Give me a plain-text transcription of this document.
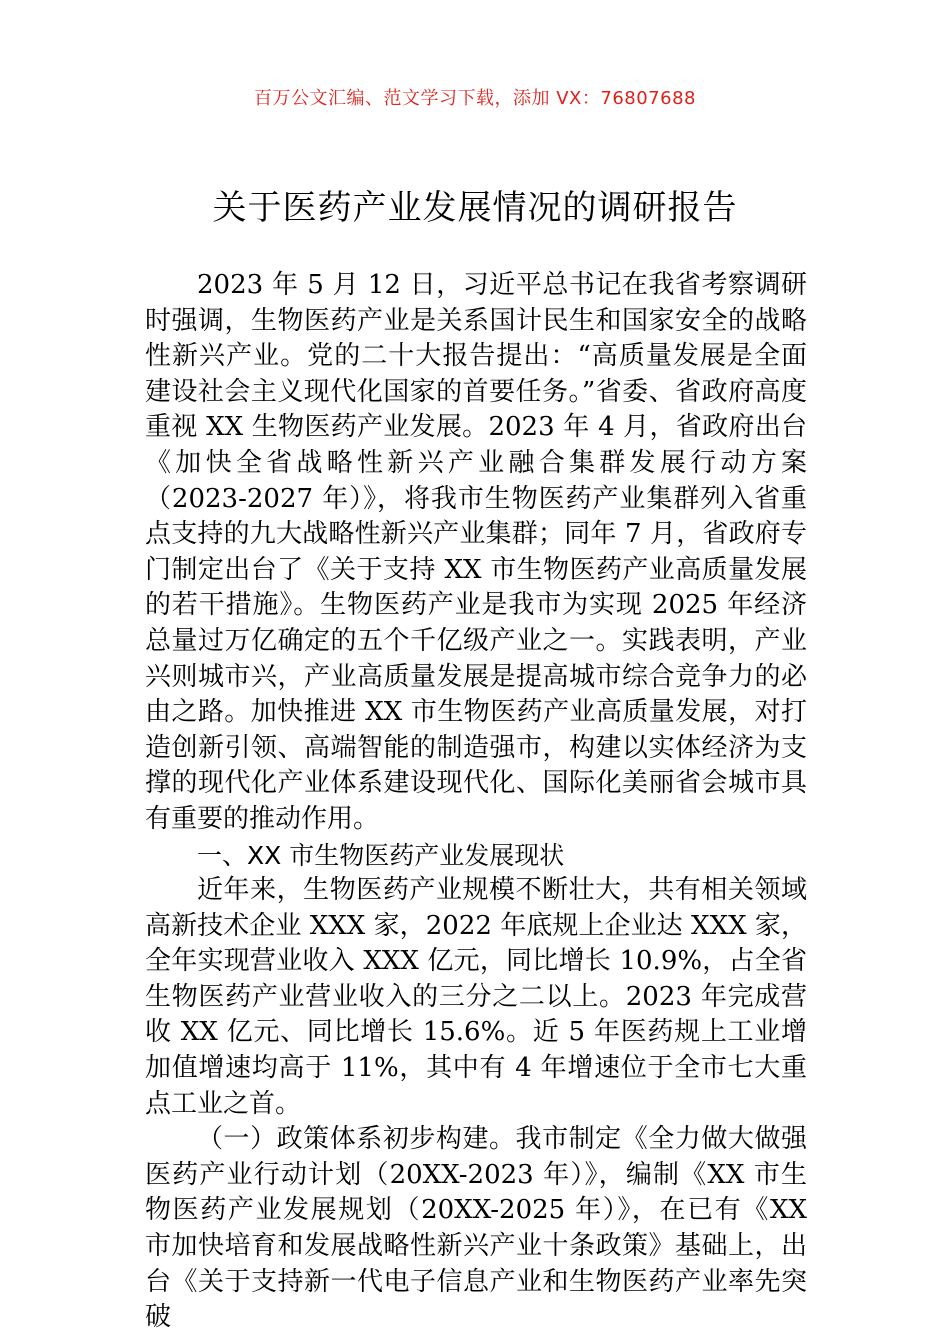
百万公文汇编、范文学习下载，添加 VX：76807688
关于医药产业发展情况的调研报告

2023 年 5 月 12 日，习近平总书记在我省考察调研时强调，生物医药产业是关系国计民生和国家安全的战略性新兴产业。党的二十大报告提出：“高质量发展是全面建设社会主义现代化国家的首要任务。”省委、省政府高度重视 XX 生物医药产业发展。2023 年 4 月，省政府出台《加快全省战略性新兴产业融合集群发展行动方案（2023-2027 年）》，将我市生物医药产业集群列入省重点支持的九大战略性新兴产业集群；同年 7 月，省政府专门制定出台了《关于支持 XX 市生物医药产业高质量发展的若干措施》。生物医药产业是我市为实现 2025 年经济总量过万亿确定的五个千亿级产业之一。实践表明，产业兴则城市兴，产业高质量发展是提高城市综合竞争力的必由之路。加快推进 XX 市生物医药产业高质量发展，对打造创新引领、高端智能的制造强市，构建以实体经济为支撑的现代化产业体系建设现代化、国际化美丽省会城市具有重要的推动作用。

一、XX 市生物医药产业发展现状

近年来，生物医药产业规模不断壮大，共有相关领域高新技术企业 XXX 家，2022 年底规上企业达 XXX 家，全年实现营业收入 XXX 亿元，同比增长 10.9%，占全省生物医药产业营业收入的三分之二以上。2023 年完成营收 XX 亿元、同比增长 15.6%。近 5 年医药规上工业增加值增速均高于 11%，其中有 4 年增速位于全市七大重点工业之首。

（一）政策体系初步构建。我市制定《全力做大做强医药产业行动计划（20XX-2023 年）》，编制《XX 市生物医药产业发展规划（20XX-2025 年）》，在已有《XX 市加快培育和发展战略性新兴产业十条政策》基础上，出台《关于支持新一代电子信息产业和生物医药产业率先突破
